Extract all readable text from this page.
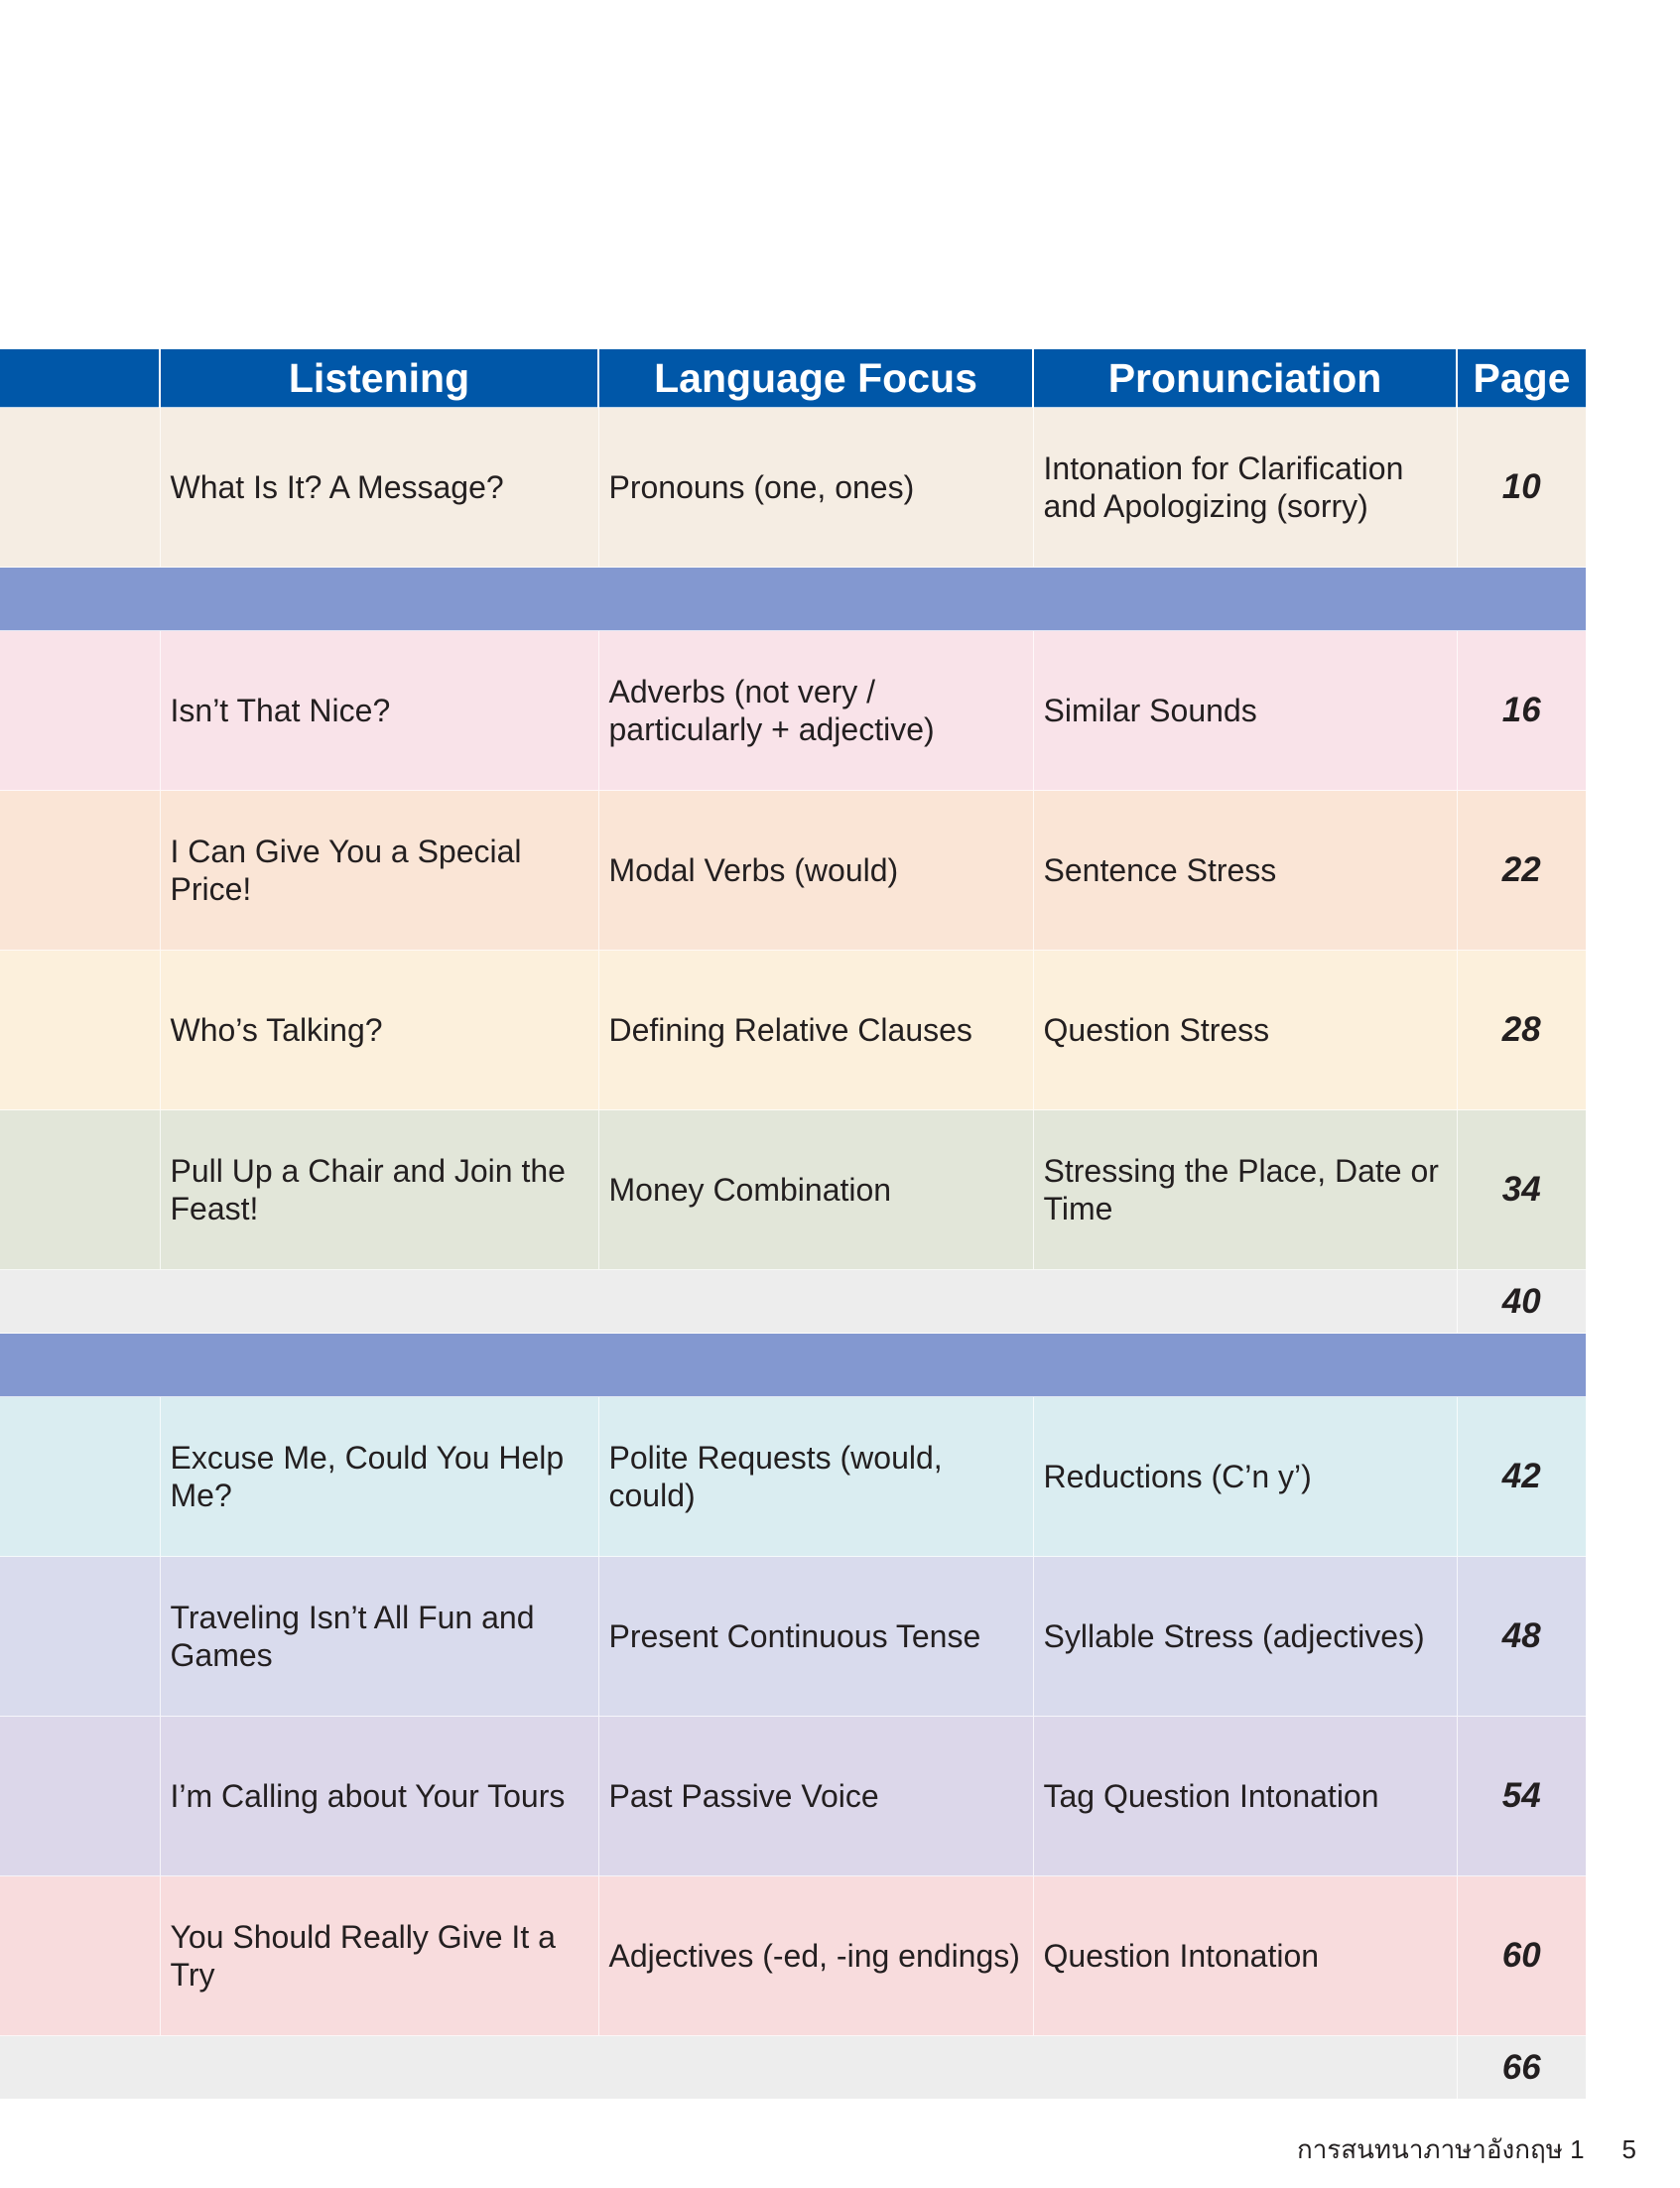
	Listening	Language Focus	Pronunciation	Page
	What Is It? A Message?	Pronouns (one, ones)	Intonation for Clarification and Apologizing (sorry)	10

	Isn’t That Nice?	Adverbs (not very / particularly + adjective)	Similar Sounds	16
	I Can Give You a Special Price!	Modal Verbs (would)	Sentence Stress	22
	Who’s Talking?	Defining Relative Clauses	Question Stress	28
	Pull Up a Chair and Join the Feast!	Money Combination	Stressing the Place, Date or Time	34
				40

	Excuse Me, Could You Help Me?	Polite Requests (would, could)	Reductions (C’n y’)	42
	Traveling Isn’t All Fun and Games	Present Continuous Tense	Syllable Stress (adjectives)	48
	I’m Calling about Your Tours	Past Passive Voice	Tag Question Intonation	54
	You Should Really Give It a Try	Adjectives (-ed, -ing endings)	Question Intonation	60
				66
การสนทนาภาษาอังกฤษ 1 5
